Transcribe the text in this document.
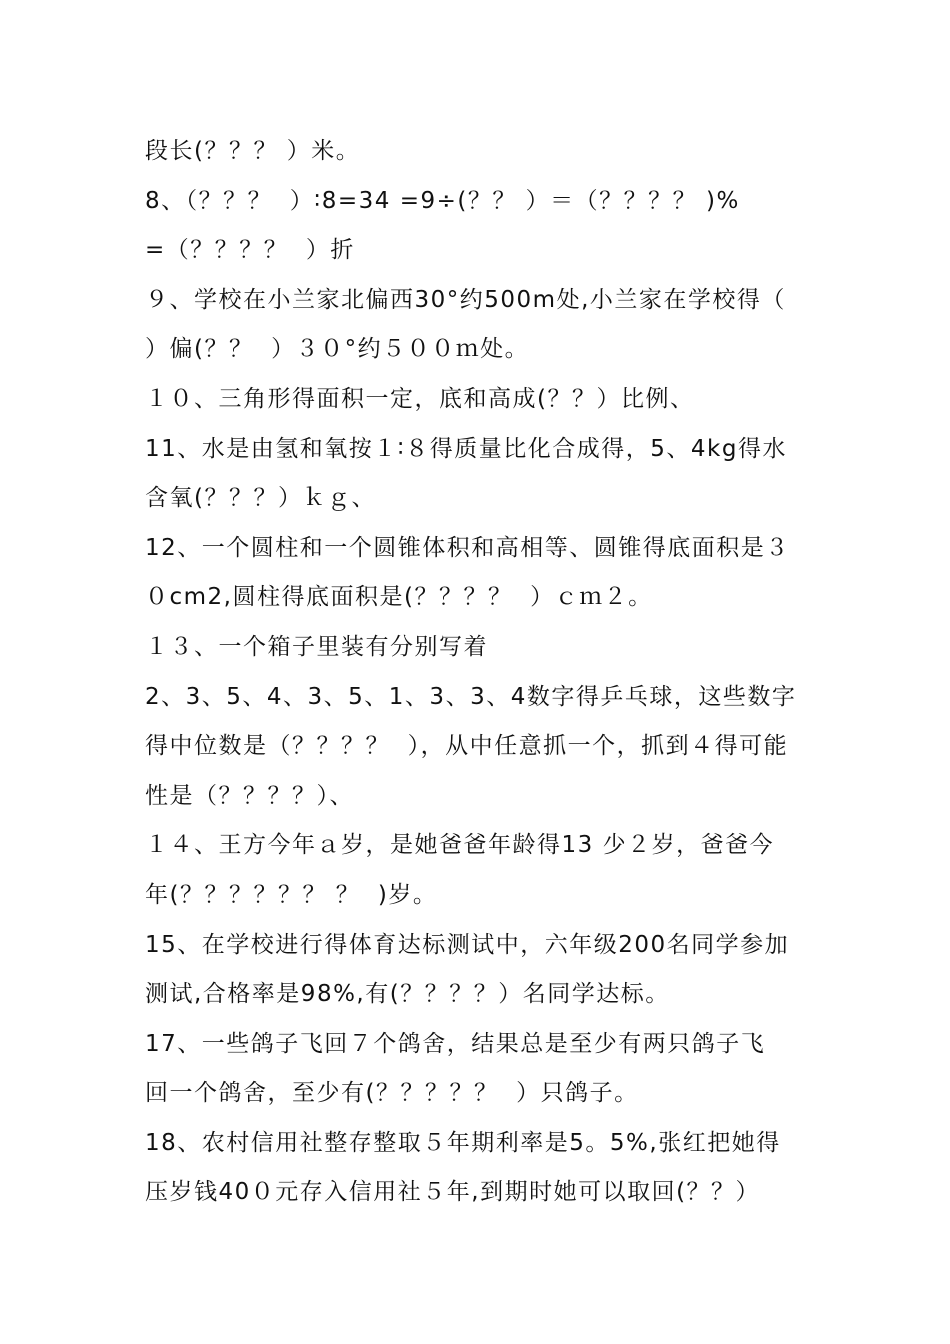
段长(？？？ ）米。
8、（？？？  ）∶8=34 =9÷(？？ ）＝（？？？？ )%
=（？？？？  ）折
９、学校在小兰家北偏西30°约500m处,小兰家在学校得（
）偏(？？  ）３０°约５００ｍ处。
１０、三角形得面积一定，底和高成(？？）比例、
11、水是由氢和氧按１∶８得质量比化合成得，5、4kg得水
含氧(？？？）ｋｇ、
12、一个圆柱和一个圆锥体积和高相等、圆锥得底面积是３
０cm2,圆柱得底面积是(？？？？  ）ｃｍ２。
１３、一个箱子里装有分别写着
2、3、5、4、3、5、1、3、3、4数字得乒乓球，这些数字
得中位数是（？？？？  ），从中任意抓一个，抓到４得可能
性是（？？？？）、
１４、王方今年ａ岁，是她爸爸年龄得13 少２岁，爸爸今
年(？？？？？？ ？  )岁。
15、在学校进行得体育达标测试中，六年级200名同学参加
测试,合格率是98%,有(？？？？）名同学达标。
17、一些鸽子飞回７个鸽舍，结果总是至少有两只鸽子飞
回一个鸽舍，至少有(？？？？？  ）只鸽子。
18、农村信用社整存整取５年期利率是5。5%,张红把她得
压岁钱40０元存入信用社５年,到期时她可以取回(？？）
